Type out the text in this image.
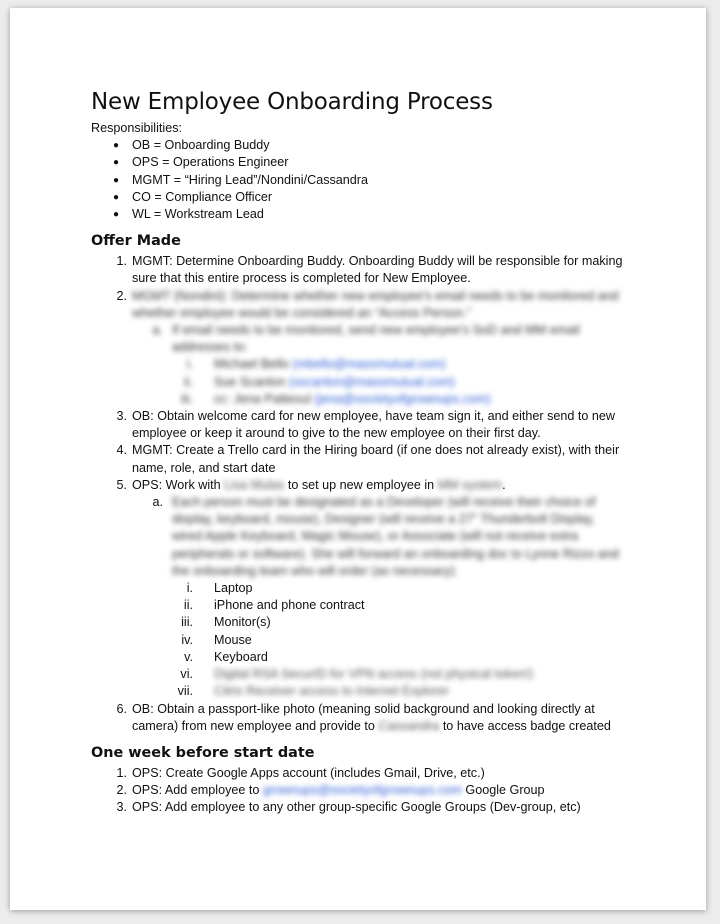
New Employee Onboarding Process
Responsibilities:
● OB = Onboarding Buddy
● OPS = Operations Engineer
● MGMT = “Hiring Lead”/Nondini/Cassandra
● CO = Compliance Officer
● WL = Workstream Lead
Offer Made
1. MGMT: Determine Onboarding Buddy. Onboarding Buddy will be responsible for making
sure that this entire process is completed for New Employee.
2. MGMT (Nondini): Determine whether new employee's email needs to be monitored and
whether employee would be considered an “Access Person.”
a. If email needs to be monitored, send new employee's SoD and MM email
addresses to:
i. Michael Bello (mbello@massmutual.com)
ii. Sue Scanlon (sscanlon@massmutual.com)
iii. cc: Jena Patteoul (jena@societyofgrownups.com)
3. OB: Obtain welcome card for new employee, have team sign it, and either send to new
employee or keep it around to give to the new employee on their first day.
4. MGMT: Create a Trello card in the Hiring board (if one does not already exist), with their
name, role, and start date
5. OPS: Work with Lisa Mulas to set up new employee in MM system.
a. Each person must be designated as a Developer (will receive their choice of
display, keyboard, mouse), Designer (will receive a 27” Thunderbolt Display,
wired Apple Keyboard, Magic Mouse), or Associate (will not receive extra
peripherals or software). She will forward an onboarding doc to Lynne Rizzo and
the onboarding team who will order (as necessary):
i. Laptop
ii. iPhone and phone contract
iii. Monitor(s)
iv. Mouse
v. Keyboard
vi. Digital RSA SecurID for VPN access (not physical token!)
vii. Citrix Receiver access to Internet Explorer
6. OB: Obtain a passport-like photo (meaning solid background and looking directly at
camera) from new employee and provide to Cassandra to have access badge created
One week before start date
1. OPS: Create Google Apps account (includes Gmail, Drive, etc.)
2. OPS: Add employee to grownups@societyofgrownups.com Google Group
3. OPS: Add employee to any other group-specific Google Groups (Dev-group, etc)
